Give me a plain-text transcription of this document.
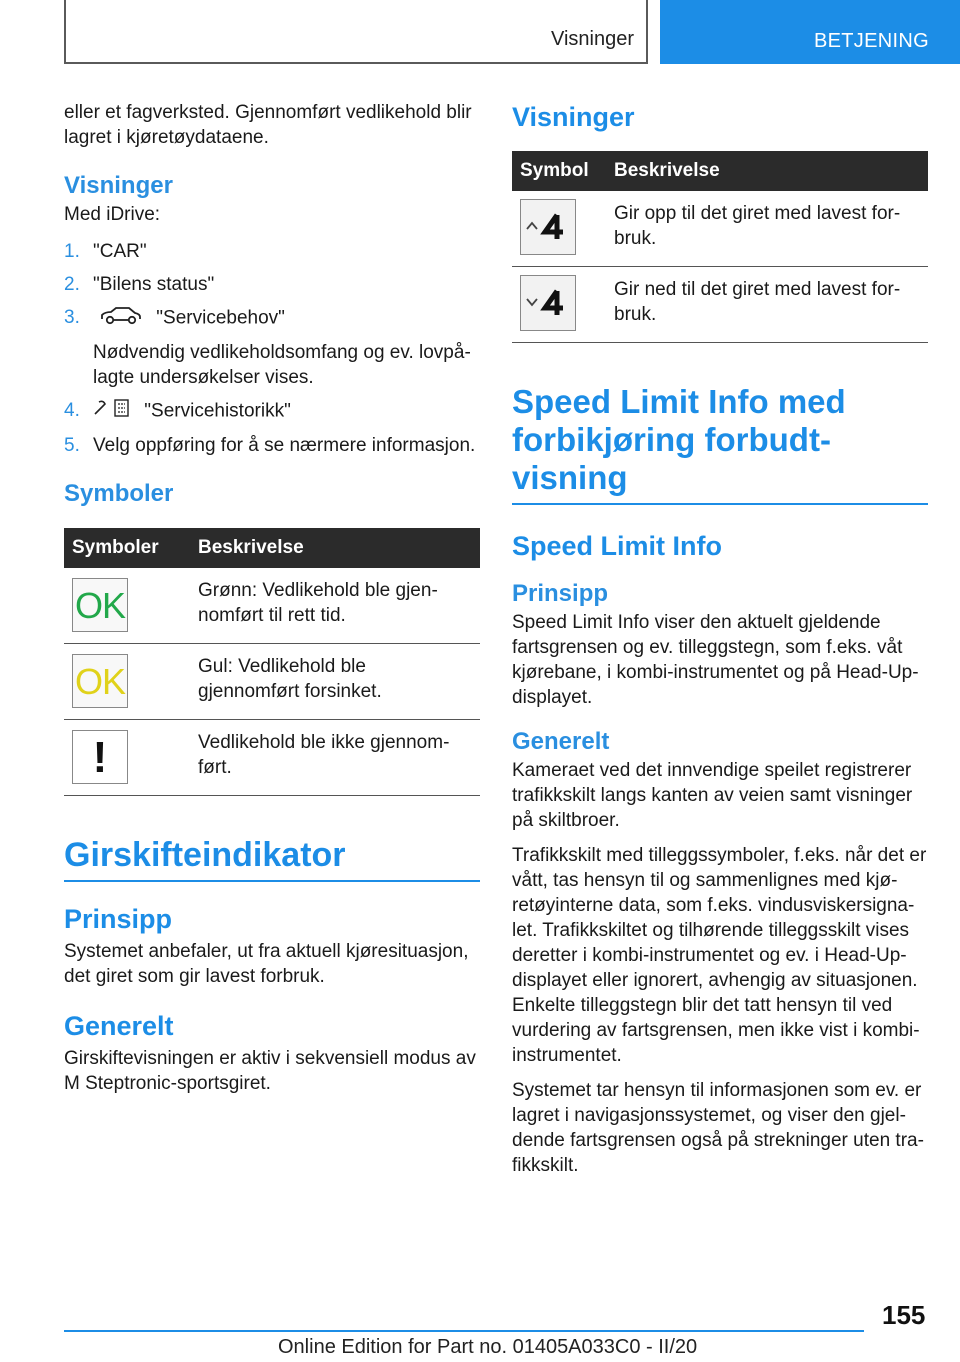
Visninger	BETJENING

eller et fagverksted. Gjennomført vedlikehold blir lagret i kjøretøydataene.

Visninger

Med iDrive:

1. "CAR"
2. "Bilens status"
3.	"Servicebehov"
Nødvendig vedlikeholdsomfang og ev. lovpålagte undersøkelser vises.
4.	"Servicehistorikk"
5. Velg oppføring for å se nærmere informasjon.
Symboler
Symboler	Beskrivelse

OK	Grønn: Vedlikehold ble gjennomført til rett tid.

OK	Gul: Vedlikehold ble gjennomført forsinket.

!	Vedlikehold ble ikke gjennomført.
Girskifteindikator
Prinsipp

Systemet anbefaler, ut fra aktuell kjøresituasjon, det giret som gir lavest forbruk.

Generelt

Girskiftevisningen er aktiv i sekvensiell modus av M Steptronic-sportsgiret.

Visninger
Symbol	Beskrivelse

	Gir opp til det giret med lavest forbruk.

	Gir ned til det giret med lavest forbruk.
Speed Limit Info med forbikjøring forbudt-visning
Speed Limit Info
Prinsipp

Speed Limit Info viser den aktuelt gjeldende fartsgrensen og ev. tilleggstegn, som f.eks. våt kjørebane, i kombi-instrumentet og på Head-Up-displayet.

Generelt

Kameraet ved det innvendige speilet registrerer trafikkskilt langs kanten av veien samt visninger på skiltbroer.

Trafikkskilt med tilleggssymboler, f.eks. når det er vått, tas hensyn til og sammenlignes med kjøretøyinterne data, som f.eks. vindusviskersignalet. Trafikkskiltet og tilhørende tilleggsskilt vises deretter i kombi-instrumentet og ev. i Head-Up-displayet eller ignorert, avhengig av situasjonen. Enkelte tilleggstegn blir det tatt hensyn til ved vurdering av fartsgrensen, men ikke vist i kombiinstrumentet.

Systemet tar hensyn til informasjonen som ev. er lagret i navigasjonssystemet, og viser den gjeldende fartsgrensen også på strekninger uten trafikkskilt.

155
Online Edition for Part no. 01405A033C0 - II/20
